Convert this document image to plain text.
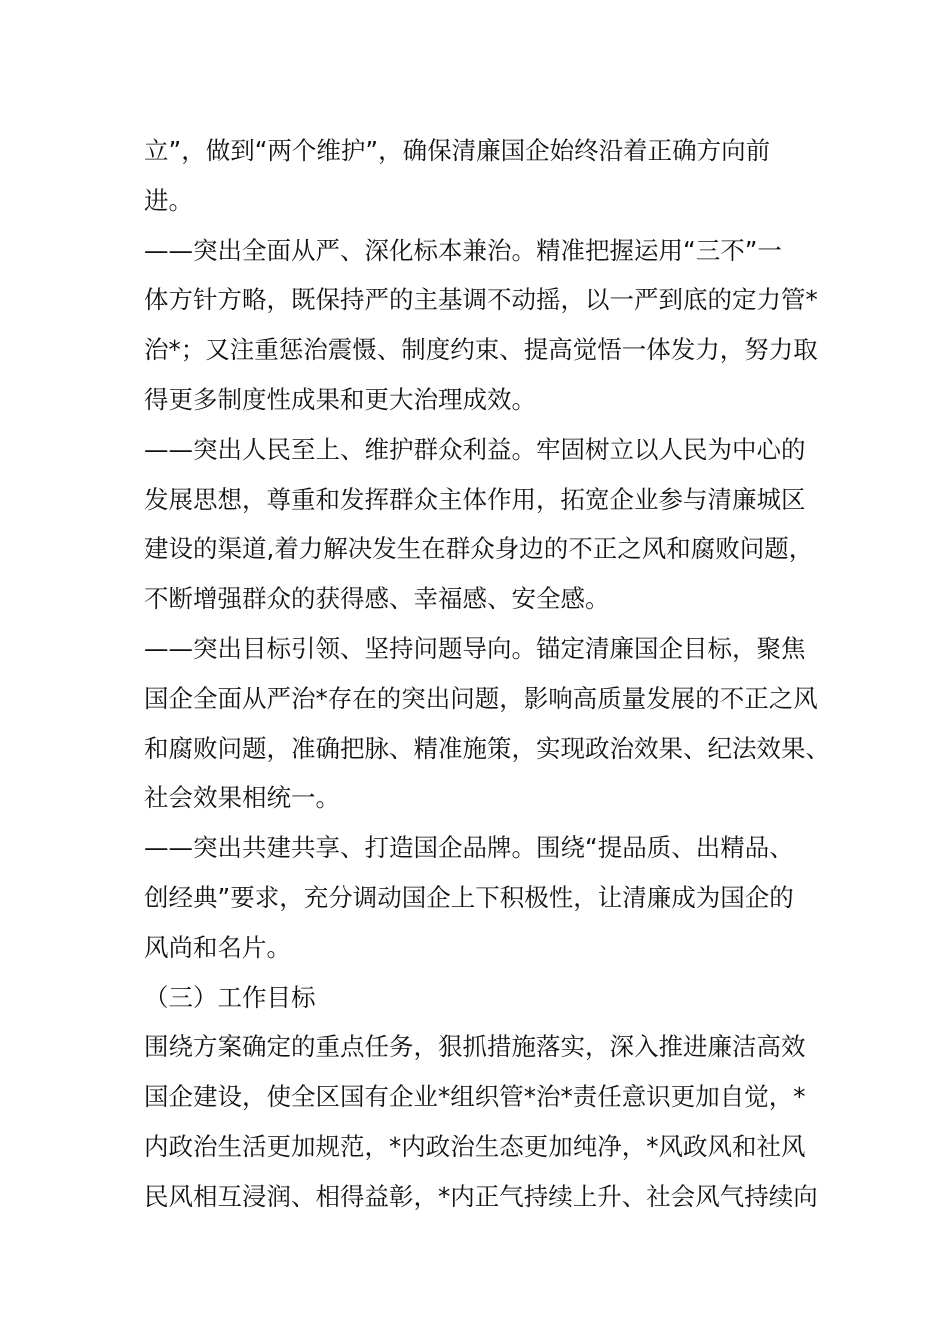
立”，做到“两个维护”，确保清廉国企始终沿着正确方向前
进。
——突出全面从严、深化标本兼治。精准把握运用“三不”一
体方针方略，既保持严的主基调不动摇，以一严到底的定力管*
治*；又注重惩治震慑、制度约束、提高觉悟一体发力，努力取
得更多制度性成果和更大治理成效。
——突出人民至上、维护群众利益。牢固树立以人民为中心的
发展思想，尊重和发挥群众主体作用，拓宽企业参与清廉城区
建设的渠道,着力解决发生在群众身边的不正之风和腐败问题，
不断增强群众的获得感、幸福感、安全感。
——突出目标引领、坚持问题导向。锚定清廉国企目标，聚焦
国企全面从严治*存在的突出问题，影响高质量发展的不正之风
和腐败问题，准确把脉、精准施策，实现政治效果、纪法效果、
社会效果相统一。
——突出共建共享、打造国企品牌。围绕“提品质、出精品、
创经典”要求，充分调动国企上下积极性，让清廉成为国企的
风尚和名片。
（三）工作目标
围绕方案确定的重点任务，狠抓措施落实，深入推进廉洁高效
国企建设，使全区国有企业*组织管*治*责任意识更加自觉，*
内政治生活更加规范，*内政治生态更加纯净，*风政风和社风
民风相互浸润、相得益彰，*内正气持续上升、社会风气持续向
